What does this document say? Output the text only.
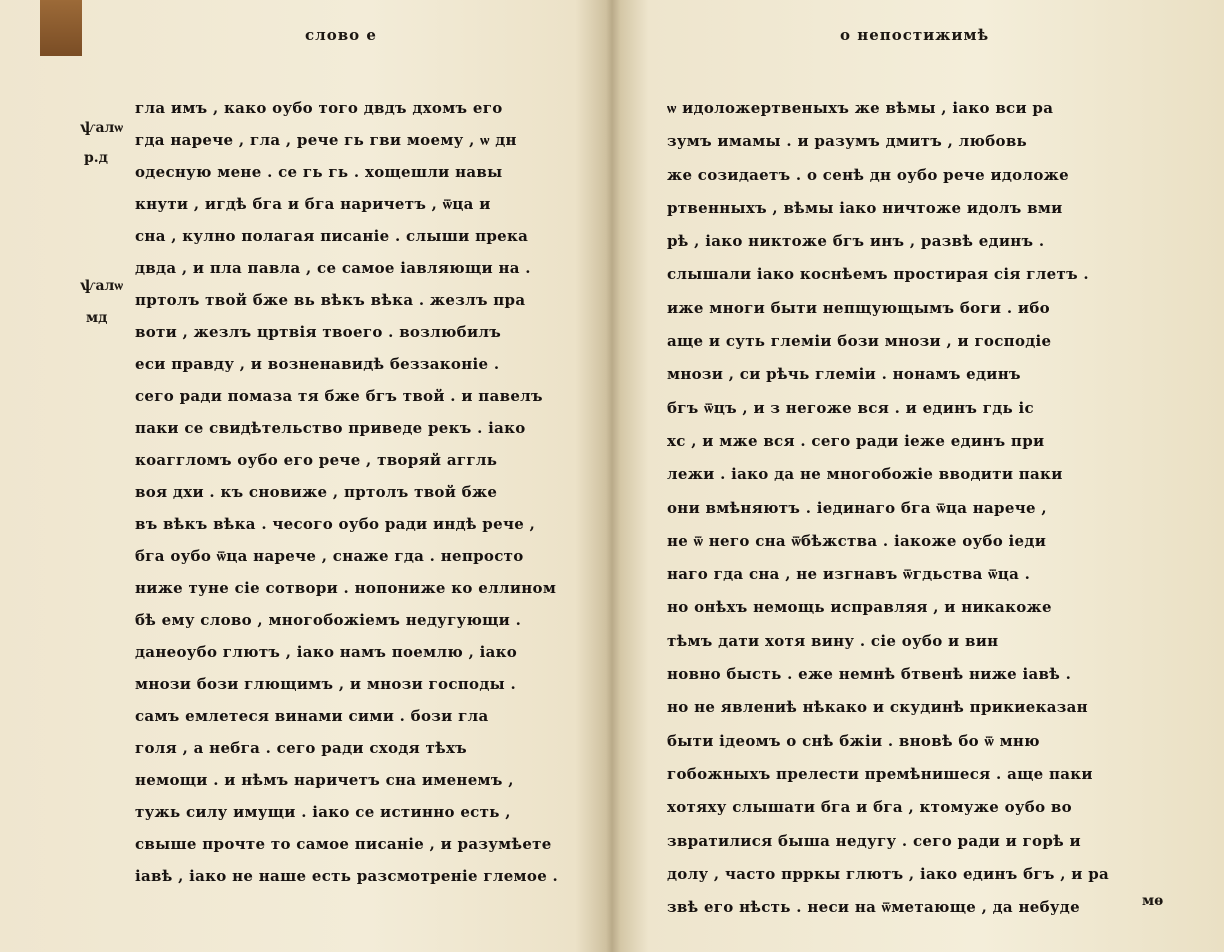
слово е
ѱалѡ
р.д
ѱалѡ
мд
гла имъ , како оубо того двдъ дхомъ его
гда нарече , гла , рече гь гви моему , ѡ дн
одесную мене . се гь гь . хощешли навы
кнути , игдѣ бга и бга наричетъ , ѿца и
сна , кулно полагая писаніе . слыши прека
двда , и пла павла , се самое іавляющи на .
пртолъ твой бже вь вѣкъ вѣка . жезлъ пра
воти , жезлъ цртвія твоего . возлюбилъ
еси правду , и возненавидѣ беззаконіе .
сего ради помаза тя бже бгъ твой . и павелъ
паки се свидѣтельство приведе рекъ . іако
коаггломъ оубо его рече , творяй аггль
воя дхи . къ сновиже , пртолъ твой бже
въ вѣкъ вѣка . чесого оубо ради индѣ рече ,
бга оубо ѿца нарече , снаже гда . непросто
ниже туне сіе сотвори . нопониже ко еллином
бѣ ему слово , многобожіемъ недугующи .
данеоубо глютъ , іако намъ поемлю , іако
мнози бози глющимъ , и мнози господы .
самъ емлетеся винами сими . бози гла
голя , а небга . сего ради сходя тѣхъ
немощи . и нѣмъ наричетъ сна именемъ ,
тужь силу имущи . іако се истинно есть ,
свыше прочте то самое писаніе , и разумѣете
іавѣ , іако не наше есть разсмотреніе глемое .
о непостижимѣ
ѡ идоложертвеныхъ же вѣмы , іако вси ра
зумъ имамы . и разумъ дмитъ , любовь
же созидаетъ . о сенѣ дн оубо рече идоложе
ртвенныхъ , вѣмы іако ничтоже идолъ вми
рѣ , іако никтоже бгъ инъ , развѣ единъ .
слышали іако коснѣемъ простирая сія глетъ .
иже многи быти непщующымъ боги . ибо
аще и суть глемiи бози мнози , и господіе
мнози , си рѣчь глемiи . нонамъ единъ
бгъ ѿцъ , и з негоже вся . и единъ гдь іс
хс , и мже вся . сего ради іеже единъ при
лежи . іако да не многобожіе вводити паки
они вмѣняютъ . іединаго бга ѿца нарече ,
не ѿ него сна ѿбѣжства . іакоже оубо іеди
наго гда сна , не изгнавъ ѿгдьства ѿца .
но онѣхъ немощь исправляя , и никакоже
тѣмъ дати хотя вину . сіе оубо и вин
новно бысть . еже немнѣ бтвенѣ ниже іавѣ .
но не явлениѣ нѣкако и скудинѣ прикиеказан
быти ідеомъ о снѣ бжіи . вновѣ бо ѿ мню
гобожныхъ прелести премѣнишеся . аще паки
хотяху слышати бга и бга , ктомуже оубо во
звратилися быша недугу . сего ради и горѣ и
долу , часто прркы глютъ , іако единъ бгъ , и ра
звѣ его нѣсть . неси на ѿметающе , да небуде	мѳ
